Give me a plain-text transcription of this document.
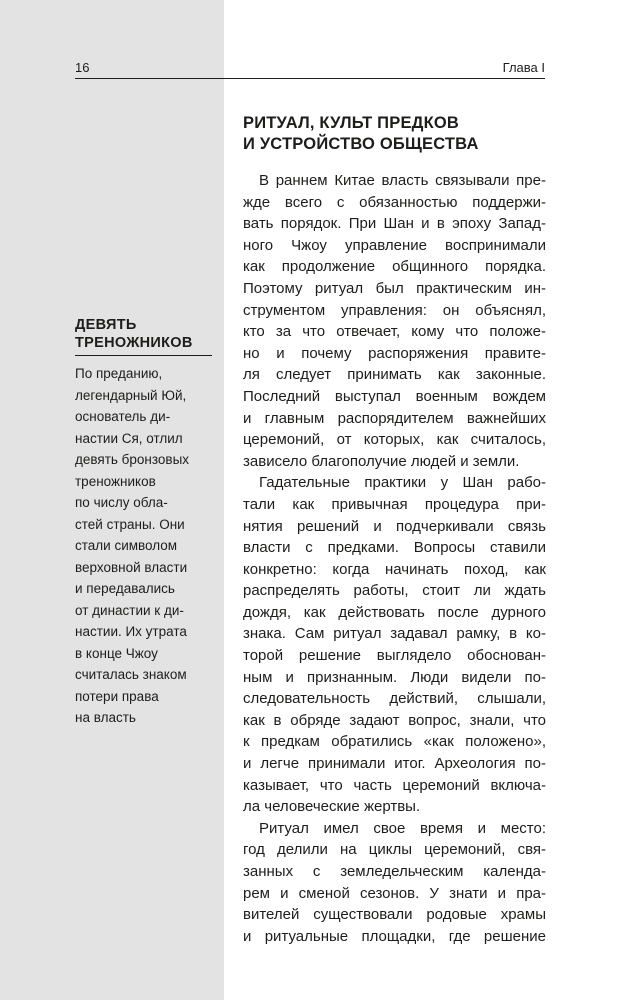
16	Глава I
ДЕВЯТЬ
ТРЕНОЖНИКОВ
По преданию,
легендарный Юй,
основатель ди-
настии Ся, отлил
девять бронзовых
треножников
по числу обла-
стей страны. Они
стали символом
верховной власти
и передавались
от династии к ди-
настии. Их утрата
в конце Чжоу
считалась знаком
потери права
на власть
РИТУАЛ, КУЛЬТ ПРЕДКОВ
И УСТРОЙСТВО ОБЩЕСТВА
В раннем Китае власть связывали пре-
жде всего с обязанностью поддержи-
вать порядок. При Шан и в эпоху Запад-
ного Чжоу управление воспринимали
как продолжение общинного порядка.
Поэтому ритуал был практическим ин-
струментом управления: он объяснял,
кто за что отвечает, кому что положе-
но и почему распоряжения правите-
ля следует принимать как законные.
Последний выступал военным вождем
и главным распорядителем важнейших
церемоний, от которых, как считалось,
зависело благополучие людей и земли.
Гадательные практики у Шан рабо-
тали как привычная процедура при-
нятия решений и подчеркивали связь
власти с предками. Вопросы ставили
конкретно: когда начинать поход, как
распределять работы, стоит ли ждать
дождя, как действовать после дурного
знака. Сам ритуал задавал рамку, в ко-
торой решение выглядело обоснован-
ным и признанным. Люди видели по-
следовательность действий, слышали,
как в обряде задают вопрос, знали, что
к предкам обратились «как положено»,
и легче принимали итог. Археология по-
казывает, что часть церемоний включа-
ла человеческие жертвы.
Ритуал имел свое время и место:
год делили на циклы церемоний, свя-
занных с земледельческим календа-
рем и сменой сезонов. У знати и пра-
вителей существовали родовые храмы
и ритуальные площадки, где решение
